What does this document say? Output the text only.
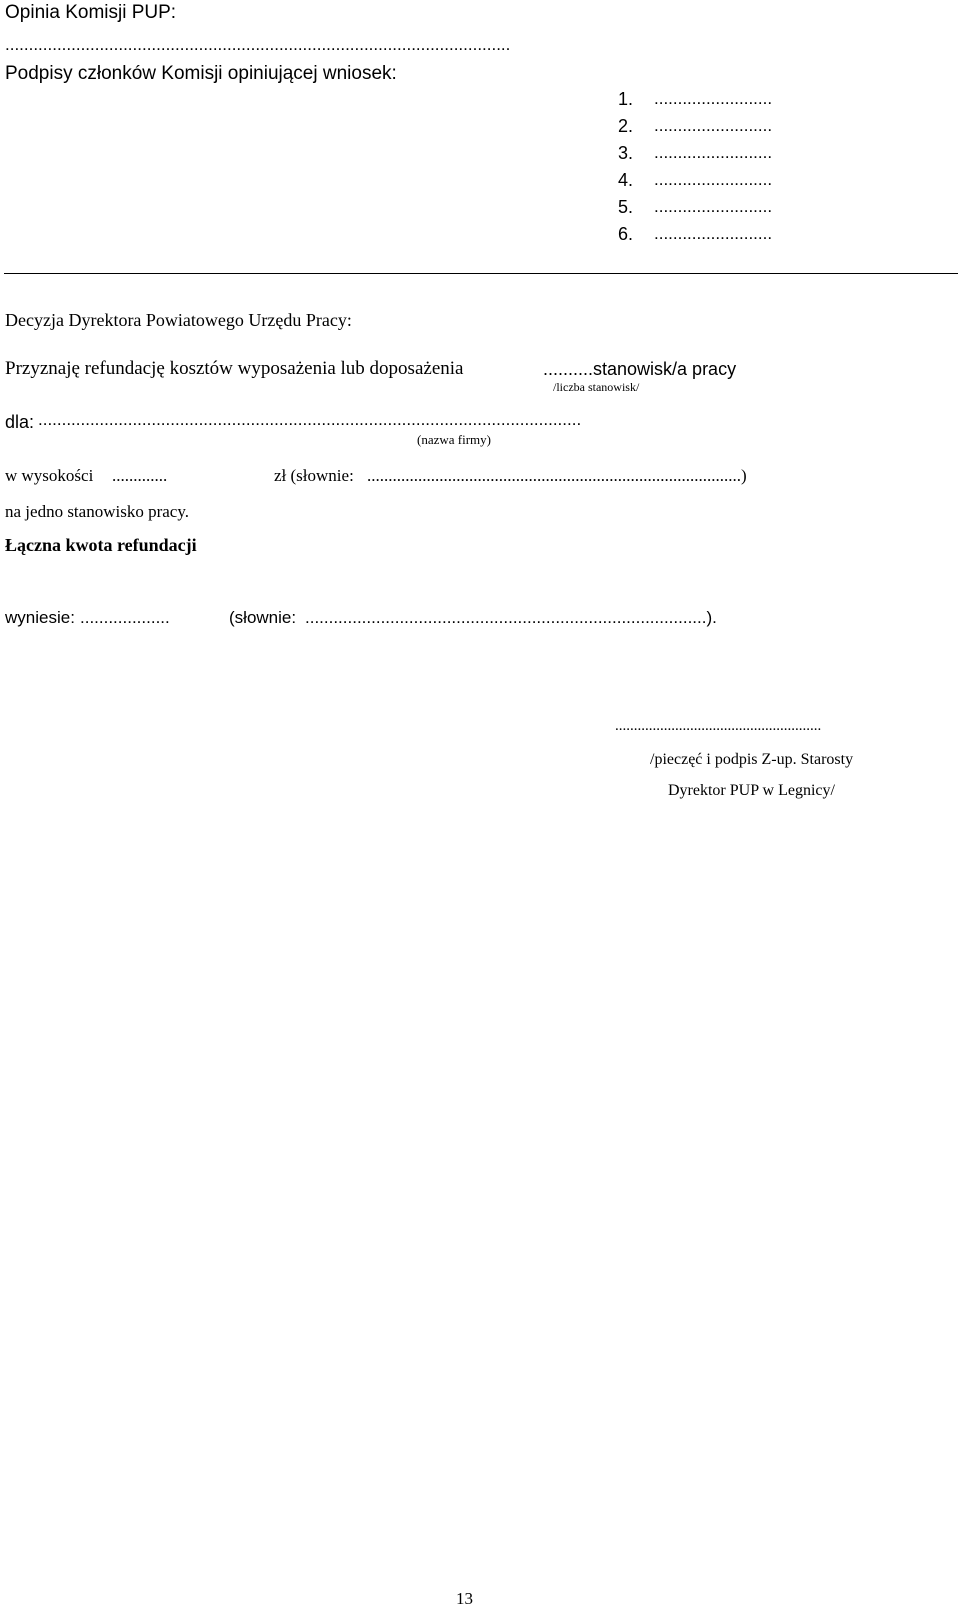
Opinia Komisji PUP:
...........................................................................................................
Podpisy członków Komisji opiniującej wniosek:
1. .........................
2. .........................
3. .........................
4. .........................
5. .........................
6. .........................
Decyzja Dyrektora Powiatowego Urzędu Pracy:
Przyznaję refundację kosztów wyposażenia lub doposażenia	..........stanowisk/a pracy
/liczba stanowisk/
dla: ...................................................................................................................
(nazwa firmy)
w wysokości .............	zł (słownie: ........................................................................................)
na jedno stanowisko pracy.
Łączna kwota refundacji
wyniesie: ...................	(słownie: .....................................................................................).
.......................................................
/pieczęć i podpis Z-up. Starosty
Dyrektor PUP w Legnicy/
13
